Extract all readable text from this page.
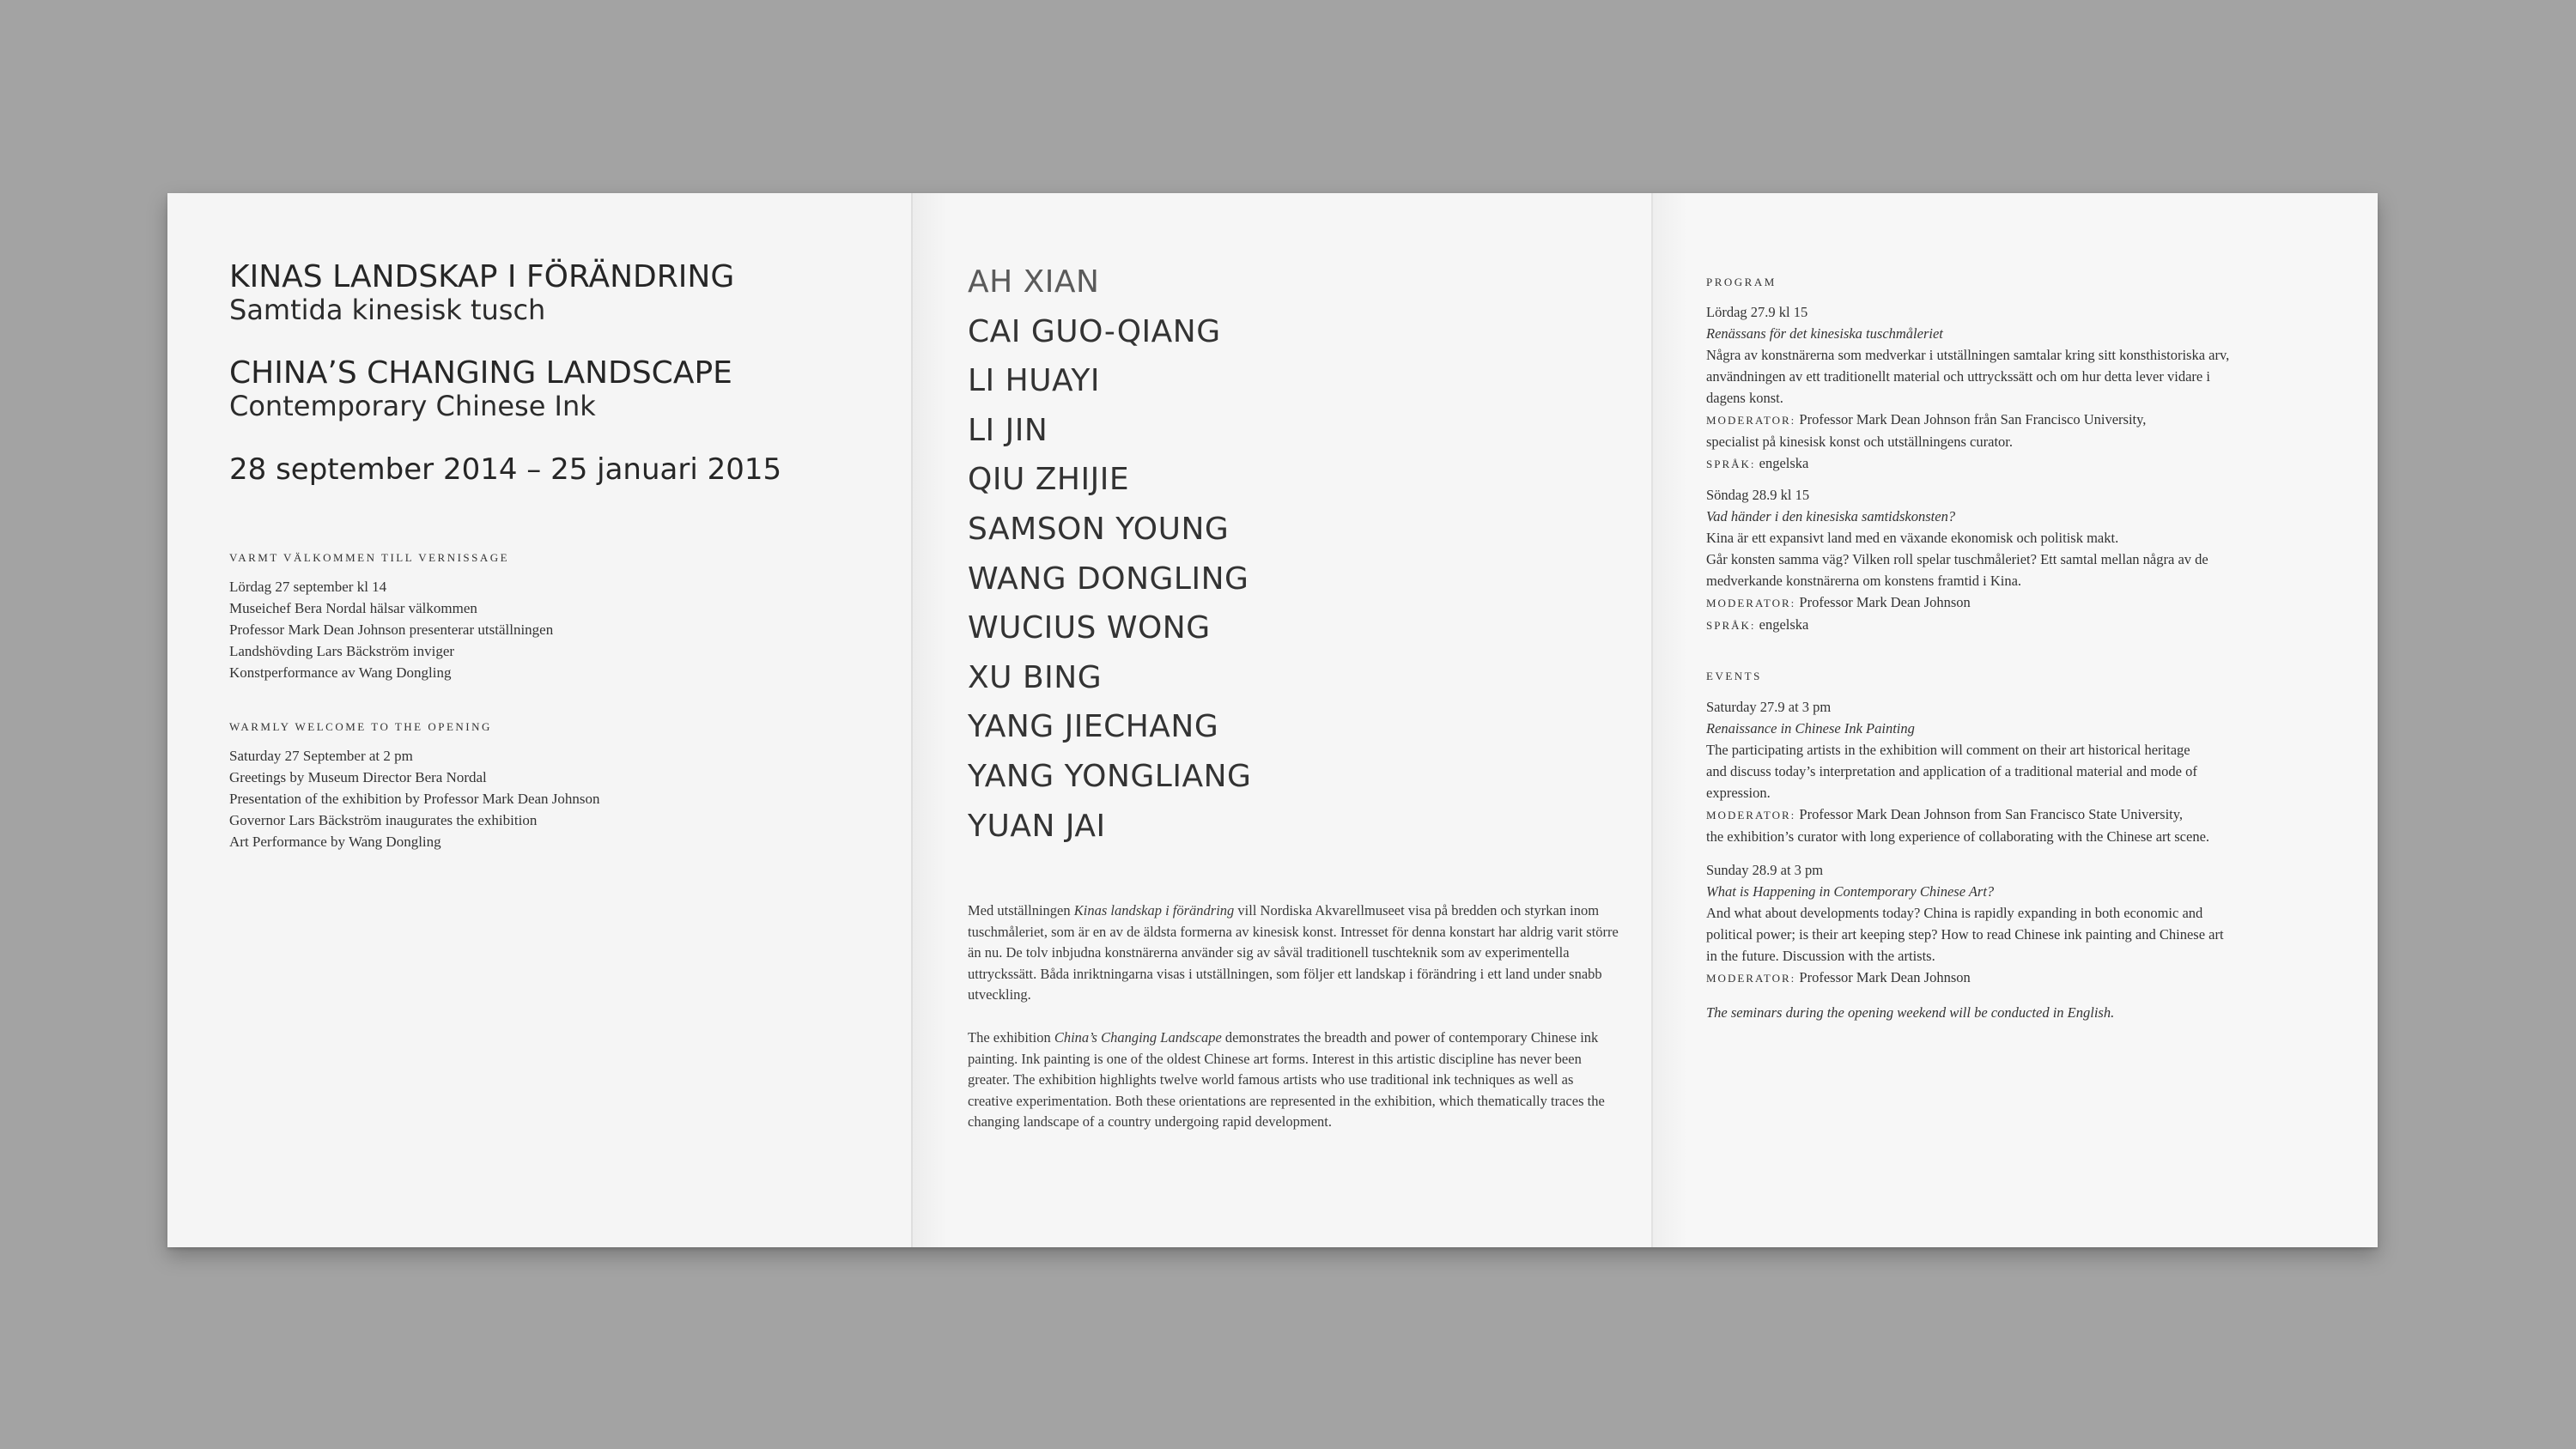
KINAS LANDSKAP I FÖRÄNDRING
Samtida kinesisk tusch
CHINA’S CHANGING LANDSCAPE
Contemporary Chinese Ink
28 september 2014 – 25 januari 2015
VARMT VÄLKOMMEN TILL VERNISSAGE
Lördag 27 september kl 14
Museichef Bera Nordal hälsar välkommen
Professor Mark Dean Johnson presenterar utställningen
Landshövding Lars Bäckström inviger
Konstperformance av Wang Dongling
WARMLY WELCOME TO THE OPENING
Saturday 27 September at 2 pm
Greetings by Museum Director Bera Nordal
Presentation of the exhibition by Professor Mark Dean Johnson
Governor Lars Bäckström inaugurates the exhibition
Art Performance by Wang Dongling
AH XIAN
CAI GUO-QIANG
LI HUAYI
LI JIN
QIU ZHIJIE
SAMSON YOUNG
WANG DONGLING
WUCIUS WONG
XU BING
YANG JIECHANG
YANG YONGLIANG
YUAN JAI

Med utställningen Kinas landskap i förändring vill Nordiska Akvarellmuseet visa på bredden och styrkan inom tuschmåleriet, som är en av de äldsta formerna av kinesisk konst. Intresset för denna konstart har aldrig varit större än nu. De tolv inbjudna konstnärerna använder sig av såväl traditionell tuschteknik som av experimentella uttryckssätt. Båda inriktningarna visas i utställningen, som följer ett landskap i förändring i ett land under snabb utveckling.

The exhibition China’s Changing Landscape demonstrates the breadth and power of contemporary Chinese ink painting. Ink painting is one of the oldest Chinese art forms. Interest in this artistic discipline has never been greater. The exhibition highlights twelve world famous artists who use traditional ink techniques as well as creative experimentation. Both these orientations are represented in the exhibition, which thematically traces the changing landscape of a country undergoing rapid development.

PROGRAM
Lördag 27.9 kl 15
Renässans för det kinesiska tuschmåleriet
Några av konstnärerna som medverkar i utställningen samtalar kring sitt konsthistoriska arv,
användningen av ett traditionellt material och uttryckssätt och om hur detta lever vidare i
dagens konst.
MODERATOR: Professor Mark Dean Johnson från San Francisco University,
specialist på kinesisk konst och utställningens curator.
SPRÅK: engelska
Söndag 28.9 kl 15
Vad händer i den kinesiska samtidskonsten?
Kina är ett expansivt land med en växande ekonomisk och politisk makt.
Går konsten samma väg? Vilken roll spelar tuschmåleriet? Ett samtal mellan några av de
medverkande konstnärerna om konstens framtid i Kina.
MODERATOR: Professor Mark Dean Johnson
SPRÅK: engelska
EVENTS
Saturday 27.9 at 3 pm
Renaissance in Chinese Ink Painting
The participating artists in the exhibition will comment on their art historical heritage
and discuss today’s interpretation and application of a traditional material and mode of
expression.
MODERATOR: Professor Mark Dean Johnson from San Francisco State University,
the exhibition’s curator with long experience of collaborating with the Chinese art scene.
Sunday 28.9 at 3 pm
What is Happening in Contemporary Chinese Art?
And what about developments today? China is rapidly expanding in both economic and
political power; is their art keeping step? How to read Chinese ink painting and Chinese art
in the future. Discussion with the artists.
MODERATOR: Professor Mark Dean Johnson
The seminars during the opening weekend will be conducted in English.
